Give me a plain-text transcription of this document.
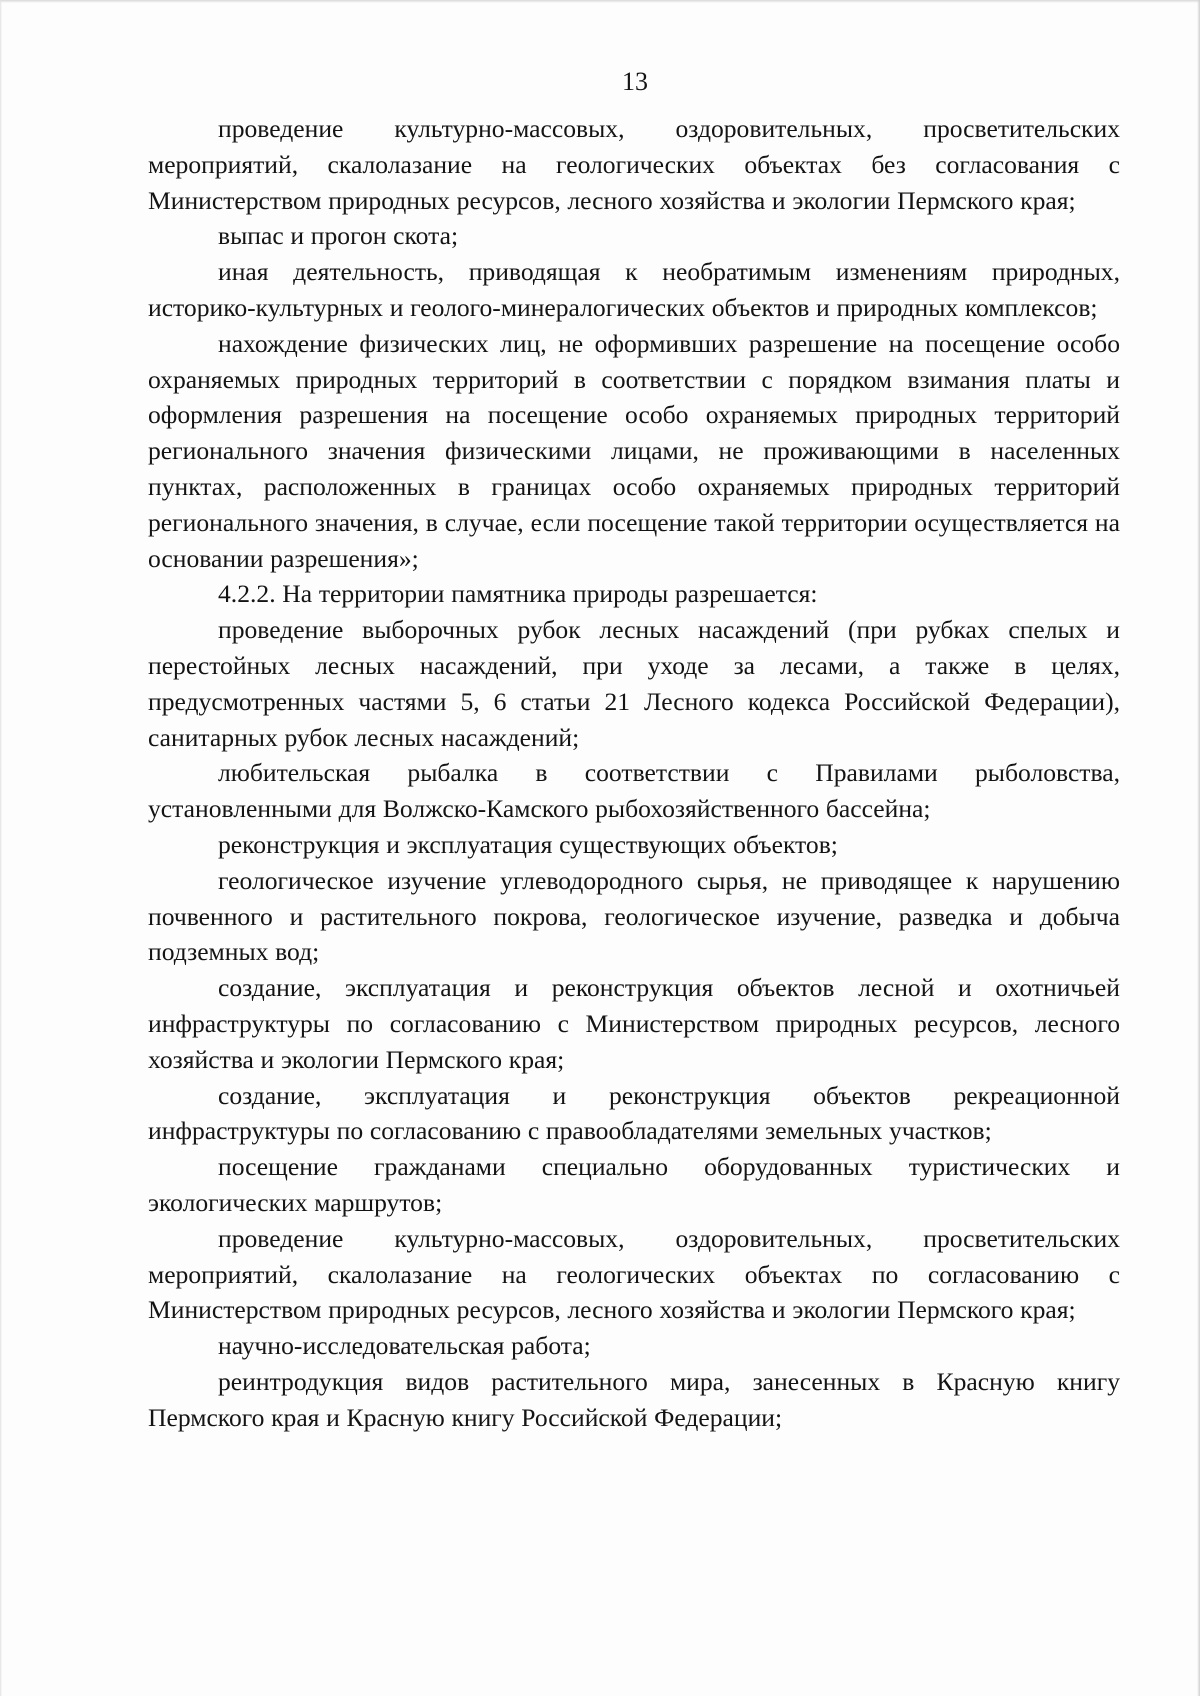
13

проведение культурно-массовых, оздоровительных, просветительских мероприятий, скалолазание на геологических объектах без согласования с Министерством природных ресурсов, лесного хозяйства и экологии Пермского края;

выпас и прогон скота;

иная деятельность, приводящая к необратимым изменениям природных, историко-культурных и геолого-минералогических объектов и природных комплексов;

нахождение физических лиц, не оформивших разрешение на посещение особо охраняемых природных территорий в соответствии с порядком взимания платы и оформления разрешения на посещение особо охраняемых природных территорий регионального значения физическими лицами, не проживающими в населенных пунктах, расположенных в границах особо охраняемых природных территорий регионального значения, в случае, если посещение такой территории осуществляется на основании разрешения»;

4.2.2. На территории памятника природы разрешается:

проведение выборочных рубок лесных насаждений (при рубках спелых и перестойных лесных насаждений, при уходе за лесами, а также в целях, предусмотренных частями 5, 6 статьи 21 Лесного кодекса Российской Федерации), санитарных рубок лесных насаждений;

любительская рыбалка в соответствии с Правилами рыболовства, установленными для Волжско-Камского рыбохозяйственного бассейна;

реконструкция и эксплуатация существующих объектов;

геологическое изучение углеводородного сырья, не приводящее к нарушению почвенного и растительного покрова, геологическое изучение, разведка и добыча подземных вод;

создание, эксплуатация и реконструкция объектов лесной и охотничьей инфраструктуры по согласованию с Министерством природных ресурсов, лесного хозяйства и экологии Пермского края;

создание, эксплуатация и реконструкция объектов рекреационной инфраструктуры по согласованию с правообладателями земельных участков;

посещение гражданами специально оборудованных туристических и экологических маршрутов;

проведение культурно-массовых, оздоровительных, просветительских мероприятий, скалолазание на геологических объектах по согласованию с Министерством природных ресурсов, лесного хозяйства и экологии Пермского края;

научно-исследовательская работа;

реинтродукция видов растительного мира, занесенных в Красную книгу Пермского края и Красную книгу Российской Федерации;
